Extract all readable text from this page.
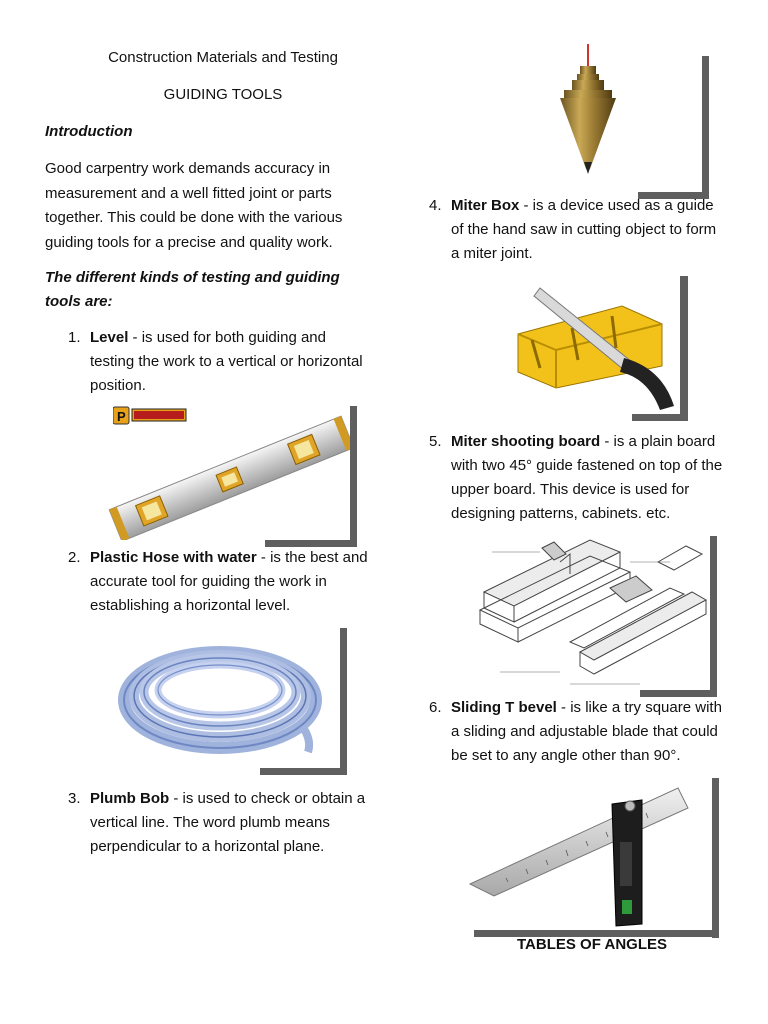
Construction Materials and Testing
GUIDING TOOLS
Introduction
Good carpentry work demands accuracy in measurement and a well fitted joint or parts together. This could be done with the various guiding tools for a precise and quality work.
The different kinds of testing and guiding tools are:
1. Level - is used for both guiding and testing the work to a vertical or horizontal position.
P
2. Plastic Hose with water - is the best and accurate tool for guiding the work in establishing a horizontal level.
3. Plumb Bob - is used to check or obtain a vertical line. The word plumb means perpendicular to a horizontal plane.
4. Miter Box - is a device used as a guide of the hand saw in cutting object to form a miter joint.
5. Miter shooting board - is a plain board with two 45° guide fastened on top of the upper board. This device is used for designing patterns, cabinets. etc.
6. Sliding T bevel - is like a try square with a sliding and adjustable blade that could be set to any angle other than 90°.
TABLES OF ANGLES
